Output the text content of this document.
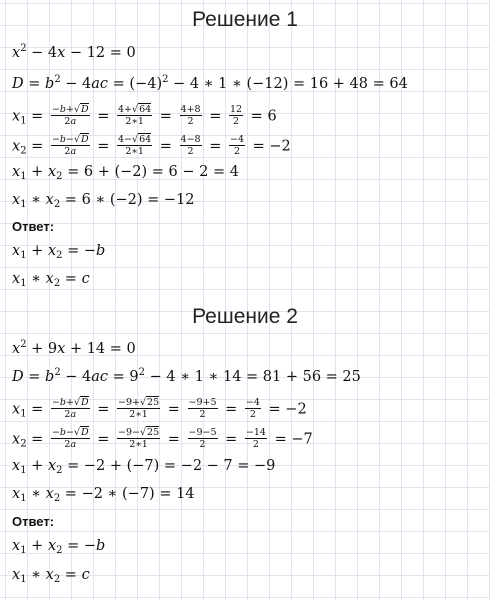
Решение 1
$x^2 - 4x - 12 = 0$
$D = b^2 - 4ac = (-4)^2 - 4$ ∗ 1 ∗ (−12) = 16 + 48 = 64
$x_1 = \frac{-b+√D}{2a} = \frac{4+√64}{2∗1} = \frac{4+8}{2} = \frac{12}{2} = 6$
$x_2 = \frac{-b-√D}{2a} = \frac{4-√64}{2∗1} = \frac{4-8}{2} = \frac{-4}{2} = -2$
$x_1 + x_2 = 6 + (-2) = 6 - 2 = 4$
$x_1$ ∗ $x_2 = 6$ ∗ (−2) = −12
Ответ:
$x_1 + x_2 = -b$
$x_1$ ∗ $x_2 = c$
Решение 2
$x^2 + 9x + 14 = 0$
$D = b^2 - 4ac = 9^2 - 4$ ∗ 1 ∗ 14 = 81 + 56 = 25
$x_1 = \frac{-b+√D}{2a} = \frac{-9+√25}{2∗1} = \frac{-9+5}{2} = \frac{-4}{2} = -2$
$x_2 = \frac{-b-√D}{2a} = \frac{-9-√25}{2∗1} = \frac{-9-5}{2} = \frac{-14}{2} = -7$
$x_1 + x_2 = -2 + (-7) = -2 - 7 = -9$
$x_1$ ∗ $x_2 = -2$ ∗ (−7) = 14
Ответ:
$x_1 + x_2 = -b$
$x_1$ ∗ $x_2 = c$
